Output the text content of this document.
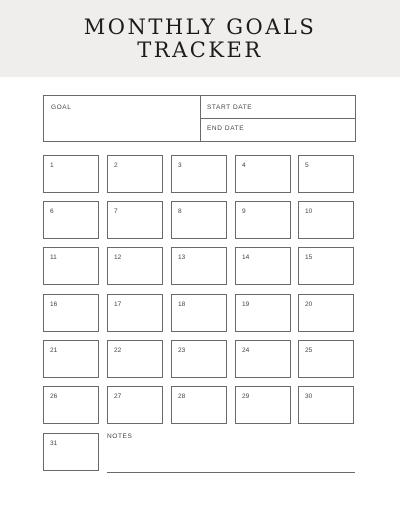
MONTHLY GOALS
TRACKER
GOAL	START DATE
END DATE
1	2	3	4	5
6	7	8	9	10
11	12	13	14	15
16	17	18	19	20
21	22	23	24	25
26	27	28	29	30
31
NOTES
